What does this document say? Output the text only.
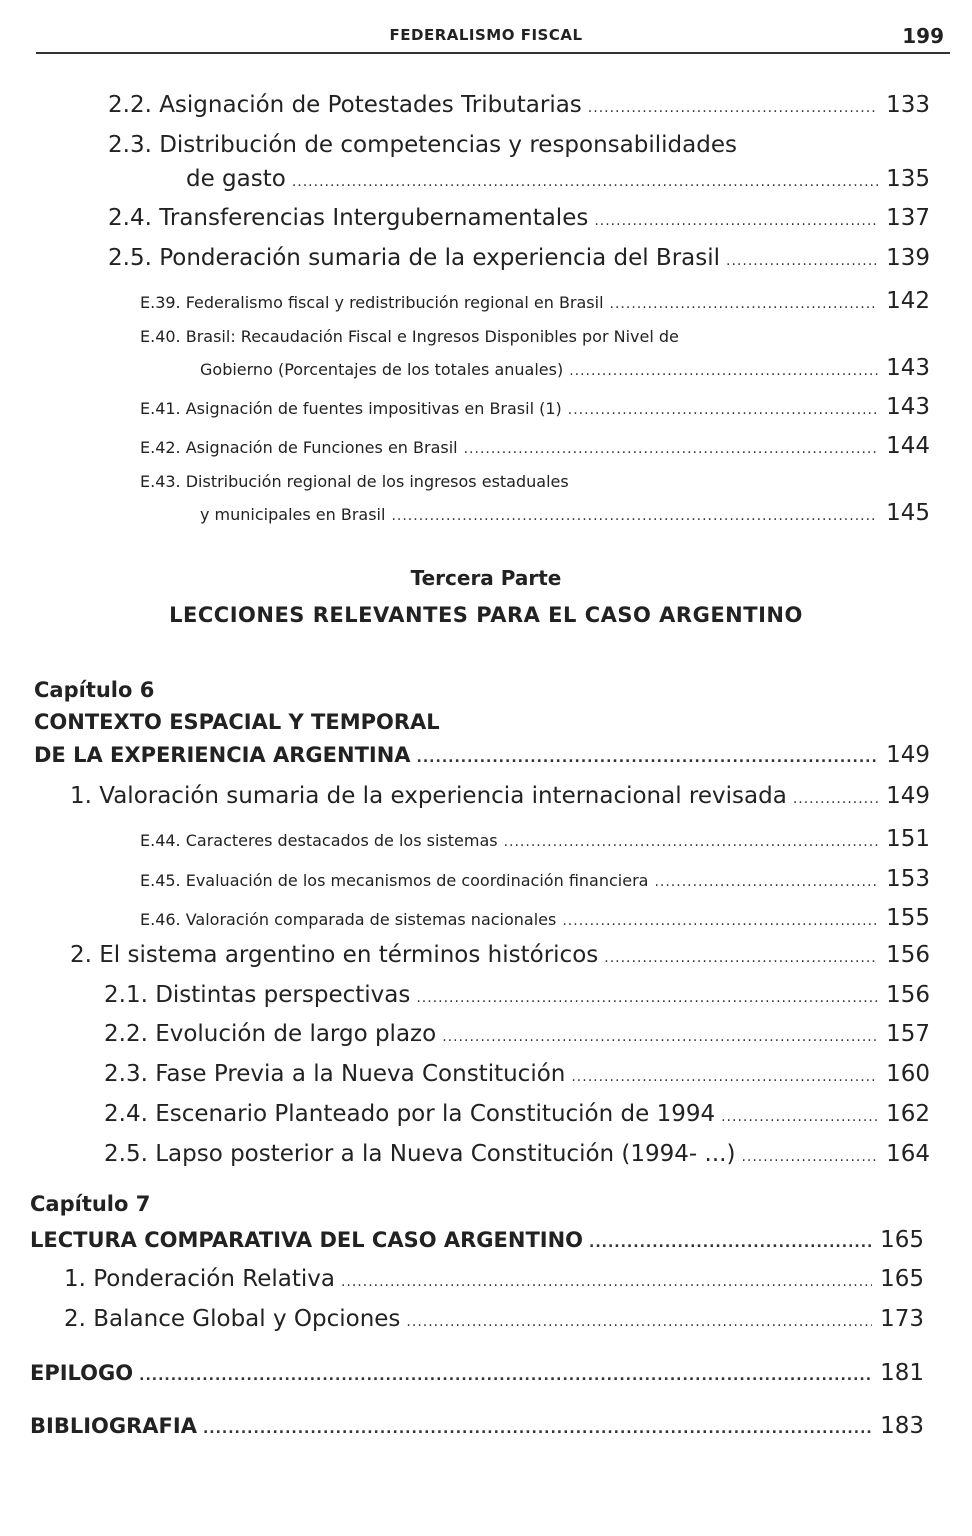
FEDERALISMO FISCAL	199
2.2. Asignación de Potestades Tributarias .....	133
2.3. Distribución de competencias y responsabilidades
de gasto .....	135
2.4. Transferencias Intergubernamentales .....	137
2.5. Ponderación sumaria de la experiencia del Brasil .....	139
E.39. Federalismo fiscal y redistribución regional en Brasil .....	142
E.40. Brasil: Recaudación Fiscal e Ingresos Disponibles por Nivel de
Gobierno (Porcentajes de los totales anuales) .....	143
E.41. Asignación de fuentes impositivas en Brasil (1) .....	143
E.42. Asignación de Funciones en Brasil .....	144
E.43. Distribución regional de los ingresos estaduales
y municipales en Brasil .....	145
Tercera Parte
LECCIONES RELEVANTES PARA EL CASO ARGENTINO
Capítulo 6
CONTEXTO ESPACIAL Y TEMPORAL
DE LA EXPERIENCIA ARGENTINA .....	149
1. Valoración sumaria de la experiencia internacional revisada .....	149
E.44. Caracteres destacados de los sistemas .....	151
E.45. Evaluación de los mecanismos de coordinación financiera .....	153
E.46. Valoración comparada de sistemas nacionales .....	155
2. El sistema argentino en términos históricos .....	156
2.1. Distintas perspectivas .....	156
2.2. Evolución de largo plazo .....	157
2.3. Fase Previa a la Nueva Constitución .....	160
2.4. Escenario Planteado por la Constitución de 1994 .....	162
2.5. Lapso posterior a la Nueva Constitución (1994- ...) .....	164
Capítulo 7
LECTURA COMPARATIVA DEL CASO ARGENTINO .....	165
1. Ponderación Relativa .....	165
2. Balance Global y Opciones .....	173
EPILOGO .....	181
BIBLIOGRAFIA .....	183
